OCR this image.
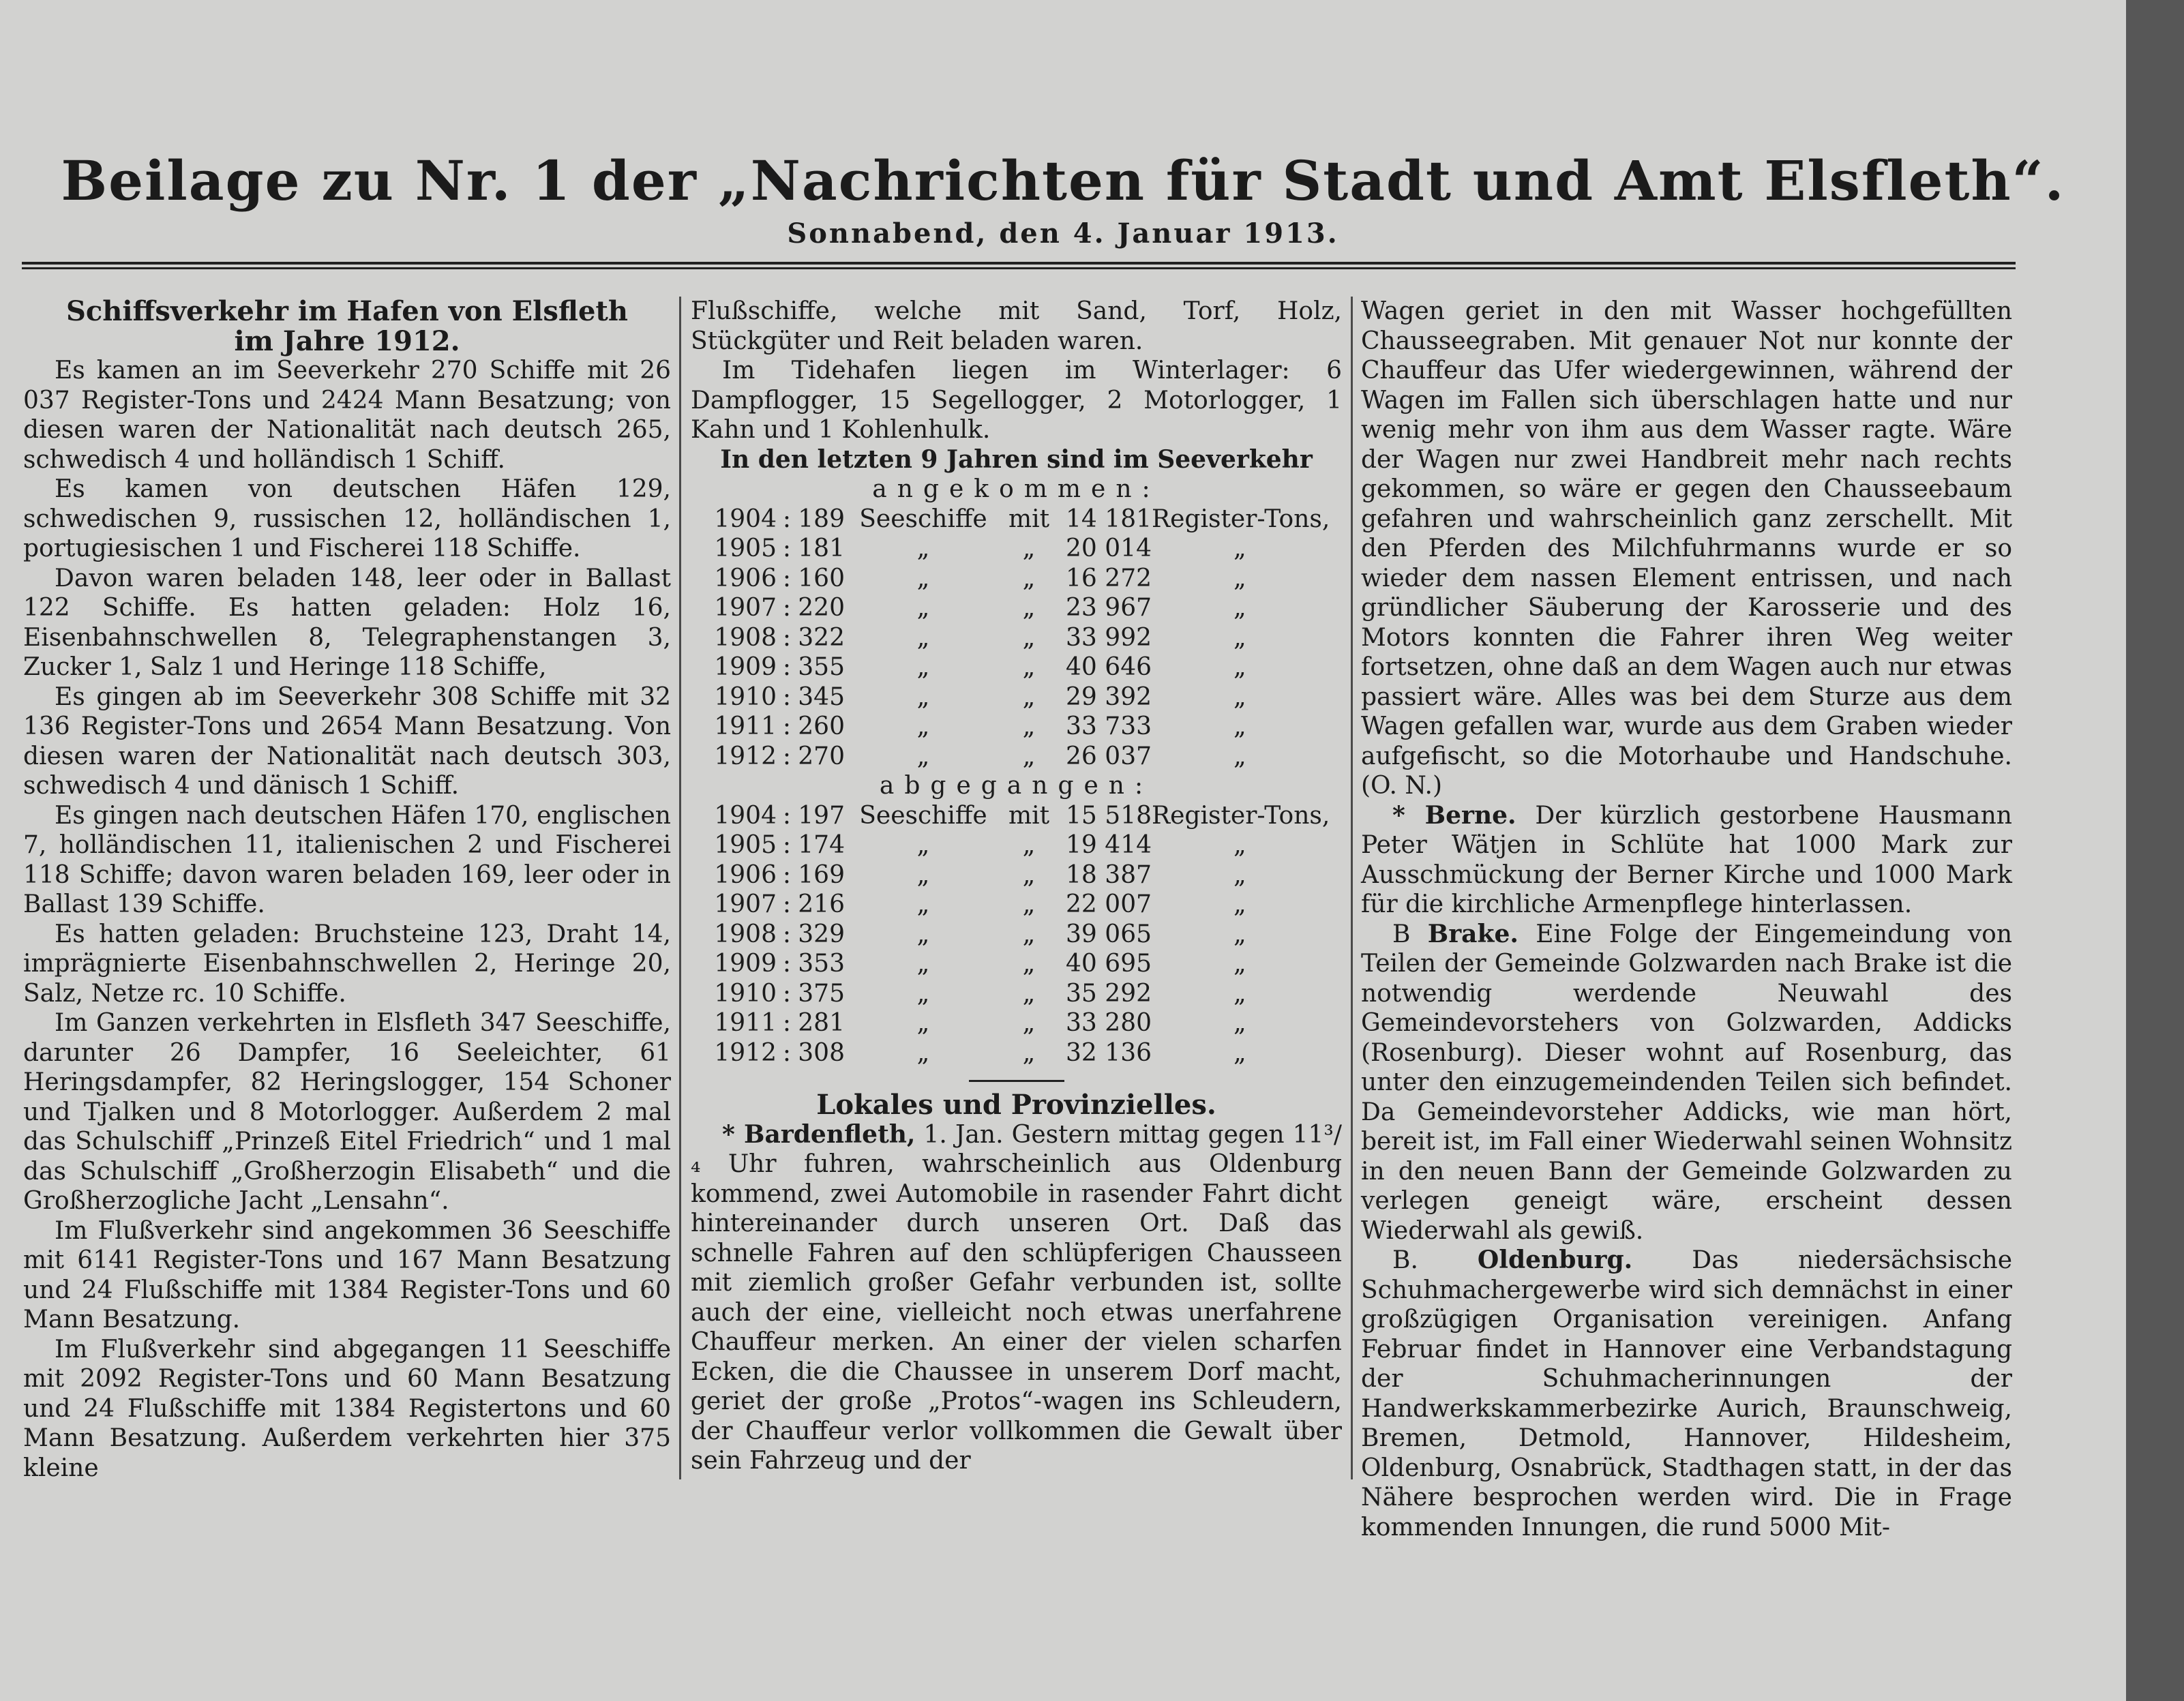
Beilage zu Nr. 1 der „Nachrichten für Stadt und Amt Elsfleth“.
Sonnabend, den 4. Januar 1913.
Schiffsverkehr im Hafen von Elsfleth
im Jahre 1912.

Es kamen an im Seeverkehr 270 Schiffe mit 26 037 Register-Tons und 2424 Mann Besatzung; von diesen waren der Nationalität nach deutsch 265, schwedisch 4 und holländisch 1 Schiff.

Es kamen von deutschen Häfen 129, schwedischen 9, russischen 12, holländischen 1, portugiesischen 1 und Fischerei 118 Schiffe.

Davon waren beladen 148, leer oder in Ballast 122 Schiffe. Es hatten geladen: Holz 16, Eisenbahnschwellen 8, Telegraphenstangen 3, Zucker 1, Salz 1 und Heringe 118 Schiffe,

Es gingen ab im Seeverkehr 308 Schiffe mit 32 136 Register-Tons und 2654 Mann Besatzung. Von diesen waren der Nationalität nach deutsch 303, schwedisch 4 und dänisch 1 Schiff.

Es gingen nach deutschen Häfen 170, englischen 7, holländischen 11, italienischen 2 und Fischerei 118 Schiffe; davon waren beladen 169, leer oder in Ballast 139 Schiffe.

Es hatten geladen: Bruchsteine 123, Draht 14, imprägnierte Eisenbahnschwellen 2, Heringe 20, Salz, Netze rc. 10 Schiffe.

Im Ganzen verkehrten in Elsfleth 347 Seeschiffe, darunter 26 Dampfer, 16 Seeleichter, 61 Heringsdampfer, 82 Heringslogger, 154 Schoner und Tjalken und 8 Motorlogger. Außerdem 2 mal das Schulschiff „Prinzeß Eitel Friedrich“ und 1 mal das Schulschiff „Großherzogin Elisabeth“ und die Großherzogliche Jacht „Lensahn“.

Im Flußverkehr sind angekommen 36 Seeschiffe mit 6141 Register-Tons und 167 Mann Besatzung und 24 Flußschiffe mit 1384 Register-Tons und 60 Mann Besatzung.

Im Flußverkehr sind abgegangen 11 Seeschiffe mit 2092 Register-Tons und 60 Mann Besatzung und 24 Flußschiffe mit 1384 Registertons und 60 Mann Besatzung. Außerdem verkehrten hier 375 kleine

Flußschiffe, welche mit Sand, Torf, Holz, Stückgüter und Reit beladen waren.

Im Tidehafen liegen im Winterlager: 6 Dampflogger, 15 Segellogger, 2 Motorlogger, 1 Kahn und 1 Kohlenhulk.

In den letzten 9 Jahren sind im Seeverkehr
angekommen:
1904	:	189	Seeschiffe	mit	14 181	Register-Tons,
1905	:	181	„	„	20 014	„
1906	:	160	„	„	16 272	„
1907	:	220	„	„	23 967	„
1908	:	322	„	„	33 992	„
1909	:	355	„	„	40 646	„
1910	:	345	„	„	29 392	„
1911	:	260	„	„	33 733	„
1912	:	270	„	„	26 037	„
abgegangen:
1904	:	197	Seeschiffe	mit	15 518	Register-Tons,
1905	:	174	„	„	19 414	„
1906	:	169	„	„	18 387	„
1907	:	216	„	„	22 007	„
1908	:	329	„	„	39 065	„
1909	:	353	„	„	40 695	„
1910	:	375	„	„	35 292	„
1911	:	281	„	„	33 280	„
1912	:	308	„	„	32 136	„
Lokales und Provinzielles.

* Bardenfleth, 1. Jan. Gestern mittag gegen 11³/₄ Uhr fuhren, wahrscheinlich aus Oldenburg kommend, zwei Automobile in rasender Fahrt dicht hintereinander durch unseren Ort. Daß das schnelle Fahren auf den schlüpferigen Chausseen mit ziemlich großer Gefahr verbunden ist, sollte auch der eine, vielleicht noch etwas unerfahrene Chauffeur merken. An einer der vielen scharfen Ecken, die die Chaussee in unserem Dorf macht, geriet der große „Protos“-wagen ins Schleudern, der Chauffeur verlor vollkommen die Gewalt über sein Fahrzeug und der

Wagen geriet in den mit Wasser hochgefüllten Chausseegraben. Mit genauer Not nur konnte der Chauffeur das Ufer wiedergewinnen, während der Wagen im Fallen sich überschlagen hatte und nur wenig mehr von ihm aus dem Wasser ragte. Wäre der Wagen nur zwei Handbreit mehr nach rechts gekommen, so wäre er gegen den Chausseebaum gefahren und wahrscheinlich ganz zerschellt. Mit den Pferden des Milchfuhrmanns wurde er so wieder dem nassen Element entrissen, und nach gründlicher Säuberung der Karosserie und des Motors konnten die Fahrer ihren Weg weiter fortsetzen, ohne daß an dem Wagen auch nur etwas passiert wäre. Alles was bei dem Sturze aus dem Wagen gefallen war, wurde aus dem Graben wieder aufgefischt, so die Motorhaube und Handschuhe. (O. N.)

* Berne. Der kürzlich gestorbene Hausmann Peter Wätjen in Schlüte hat 1000 Mark zur Ausschmückung der Berner Kirche und 1000 Mark für die kirchliche Armenpflege hinterlassen.

B Brake. Eine Folge der Eingemeindung von Teilen der Gemeinde Golzwarden nach Brake ist die notwendig werdende Neuwahl des Gemeindevorstehers von Golzwarden, Addicks (Rosenburg). Dieser wohnt auf Rosenburg, das unter den einzugemeindenden Teilen sich befindet. Da Gemeindevorsteher Addicks, wie man hört, bereit ist, im Fall einer Wiederwahl seinen Wohnsitz in den neuen Bann der Gemeinde Golzwarden zu verlegen geneigt wäre, erscheint dessen Wiederwahl als gewiß.

B. Oldenburg. Das niedersächsische Schuhmachergewerbe wird sich demnächst in einer großzügigen Organisation vereinigen. Anfang Februar findet in Hannover eine Verbandstagung der Schuhmacherinnungen der Handwerkskammerbezirke Aurich, Braunschweig, Bremen, Detmold, Hannover, Hildesheim, Oldenburg, Osnabrück, Stadthagen statt, in der das Nähere besprochen werden wird. Die in Frage kommenden Innungen, die rund 5000 Mit-
